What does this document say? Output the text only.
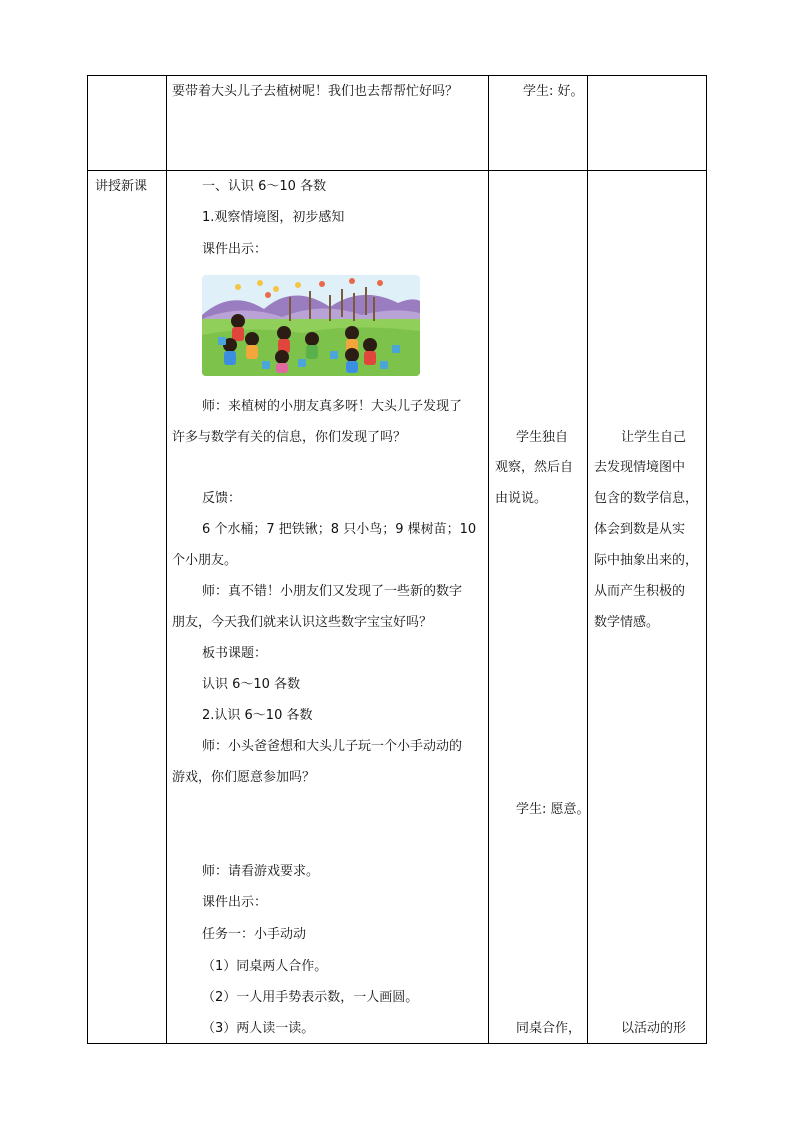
要带着大头儿子去植树呢！我们也去帮帮忙好吗？	学生: 好。
讲授新课	一、认识 6～10 各数
1.观察情境图，初步感知
课件出示：
师：来植树的小朋友真多呀！大头儿子发现了
许多与数学有关的信息，你们发现了吗？
反馈：
6 个水桶；7 把铁锹；8 只小鸟；9 棵树苗；10
个小朋友。
师：真不错！小朋友们又发现了一些新的数字
朋友，今天我们就来认识这些数字宝宝好吗？
板书课题：
认识 6～10 各数
2.认识 6～10 各数
师：小头爸爸想和大头儿子玩一个小手动动的
游戏，你们愿意参加吗？
师：请看游戏要求。
课件出示：
任务一：小手动动
（1）同桌两人合作。
（2）一人用手势表示数，一人画圆。
（3）两人读一读。
学生独自
观察，然后自
由说说。
学生: 愿意。
同桌合作，
让学生自己
去发现情境图中
包含的数学信息，
体会到数是从实
际中抽象出来的，
从而产生积极的
数学情感。
以活动的形
